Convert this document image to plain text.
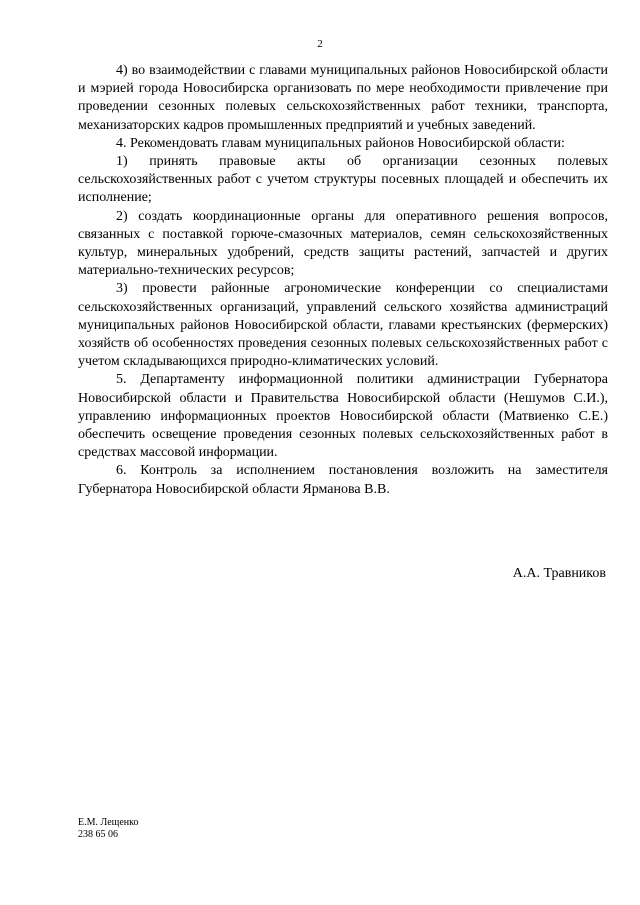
2

4) во взаимодействии с главами муниципальных районов Новосибирской области и мэрией города Новосибирска организовать по мере необходимости привлечение при проведении сезонных полевых сельскохозяйственных работ техники, транспорта, механизаторских кадров промышленных предприятий и учебных заведений.

4. Рекомендовать главам муниципальных районов Новосибирской области:

1) принять правовые акты об организации сезонных полевых сельскохозяйственных работ с учетом структуры посевных площадей и обеспечить их исполнение;

2) создать координационные органы для оперативного решения вопросов, связанных с поставкой горюче-смазочных материалов, семян сельскохозяйственных культур, минеральных удобрений, средств защиты растений, запчастей и других материально-технических ресурсов;

3) провести районные агрономические конференции со специалистами сельскохозяйственных организаций, управлений сельского хозяйства администраций муниципальных районов Новосибирской области, главами крестьянских (фермерских) хозяйств об особенностях проведения сезонных полевых сельскохозяйственных работ с учетом складывающихся природно-климатических условий.

5. Департаменту информационной политики администрации Губернатора Новосибирской области и Правительства Новосибирской области (Нешумов С.И.), управлению информационных проектов Новосибирской области (Матвиенко С.Е.) обеспечить освещение проведения сезонных полевых сельскохозяйственных работ в средствах массовой информации.

6. Контроль за исполнением постановления возложить на заместителя Губернатора Новосибирской области Ярманова В.В.

А.А. Травников
Е.М. Лещенко
238 65 06
